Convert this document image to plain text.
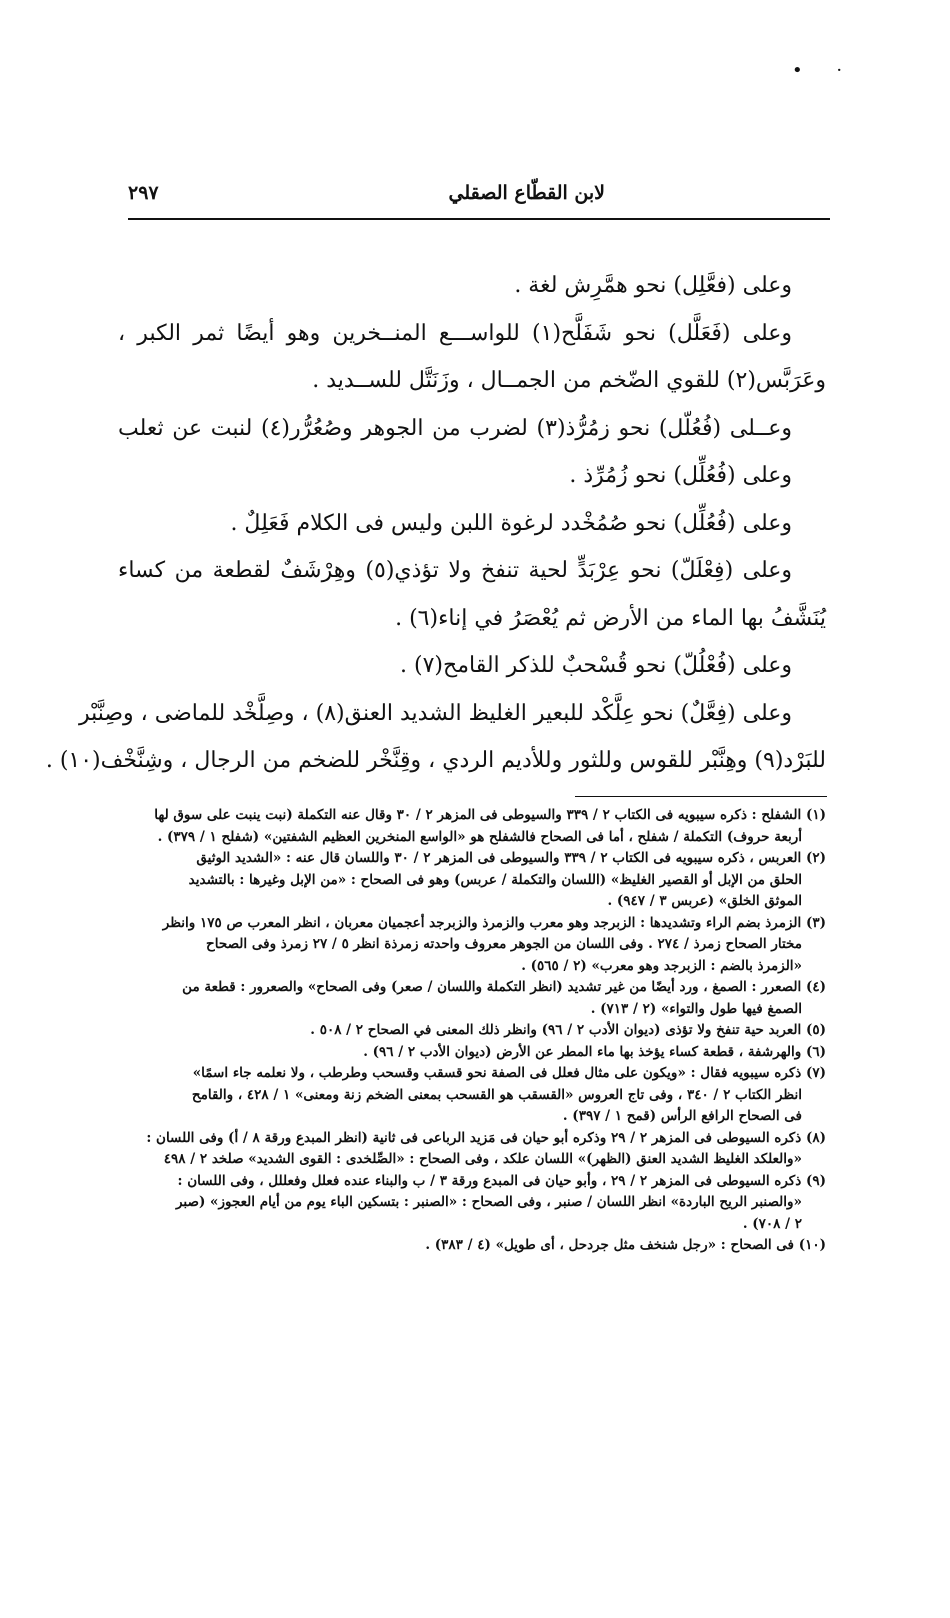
• ·
لابن القطّاع الصقلي
٢٩٧
وعلى (فعَّلِل) نحو همَّرِش لغة .
وعلى (فَعَلَّل) نحو شَفَلَّح(١) للواســـع المنــخرين وهو أيضًا ثمر الكبر ،
وعَرَبَّس(٢) للقوي الضّخم من الجمــال ، وزَنَتَّل للســديد .
وعــلى (فُعُلّل) نحو زمُرُّذ(٣) لضرب من الجوهر وصُعُرُّر(٤) لنبت عن ثعلب
وعلى (فُعُلِّل) نحو زُمُرِّذ .
وعلى (فُعُلِّل) نحو صُمُخْدد لرغوة اللبن وليس فى الكلام فَعَلِلٌ .
وعلى (فِعْلَلّ) نحو عِرْبَدٍّ لحية تنفخ ولا تؤذي(٥) وهِرْشَفٌ لقطعة من كساء
يُنَشَّفُ بها الماء من الأرض ثم يُعْصَرُ في إناء(٦) .
وعلى (فُعْلُلّ) نحو قُسْحبٌ للذكر القامح(٧) .
وعلى (فِعَّلٌ) نحو عِلَّكْد للبعير الغليظ الشديد العنق(٨) ، وصِلَّخْد للماضى ، وصِنَّبْر
للبَرْد(٩) وهِنَّبْر للقوس وللثور وللأديم الردي ، وقِنَّخْر للضخم من الرجال ، وشِنَّخْف(١٠) .
(١) الشفلح : ذكره سيبويه فى الكتاب ٢ / ٣٣٩ والسيوطى فى المزهر ٢ / ٣٠ وقال عنه التكملة (نبت ينبت على سوق لها
أربعة حروف) التكملة / شفلح ، أما فى الصحاح فالشفلح هو «الواسع المنخرين العظيم الشفتين» (شفلح ١ / ٣٧٩) .
(٢) العربس ، ذكره سيبويه فى الكتاب ٢ / ٣٣٩ والسيوطى فى المزهر ٢ / ٣٠ واللسان قال عنه : «الشديد الوثيق
الحلق من الإبل أو القصير الغليظ» (اللسان والتكملة / عربس) وهو فى الصحاح : «من الإبل وغيرها : بالتشديد
الموثق الخلق» (عربس ٣ / ٩٤٧) .
(٣) الزمرذ بضم الراء وتشديدها : الزبرجد وهو معرب والزمرذ والزبرجد أعجميان معربان ، انظر المعرب ص ١٧٥ وانظر
مختار الصحاح زمرذ / ٢٧٤ . وفى اللسان من الجوهر معروف واحدته زمرذة انظر ٥ / ٢٧ زمرذ وفى الصحاح
«الزمرذ بالضم : الزبرجد وهو معرب» (٢ / ٥٦٥) .
(٤) الصعرر : الصمغ ، ورد أيضًا من غير تشديد (انظر التكملة واللسان / صعر) وفى الصحاح» والصعرور : قطعة من
الصمغ فيها طول والتواء» (٢ / ٧١٣) .
(٥) العربد حية تنفخ ولا تؤذى (ديوان الأدب ٢ / ٩٦) وانظر ذلك المعنى في الصحاح ٢ / ٥٠٨ .
(٦) والهرشفة ، قطعة كساء يؤخذ بها ماء المطر عن الأرض (ديوان الأدب ٢ / ٩٦) .
(٧) ذكره سيبويه فقال : «ويكون على مثال فعلل فى الصفة نحو قسقب وقسحب وطرطب ، ولا نعلمه جاء اسمًا»
انظر الكتاب ٢ / ٣٤٠ ، وفى تاج العروس «القسقب هو القسحب بمعنى الضخم زنة ومعنى» ١ / ٤٢٨ ، والقامح
فى الصحاح الرافع الرأس (قمح ١ / ٣٩٧) .
(٨) ذكره السيوطى فى المزهر ٢ / ٢٩ وذكره أبو حيان فى مَزيد الرباعى فى ثانية (انظر المبدع ورقة ٨ / أ) وفى اللسان :
«والعلكد الغليظ الشديد العنق (الظهر)» اللسان علكد ، وفى الصحاح : «الصِّلخدى : القوى الشديد» صلخد ٢ / ٤٩٨
(٩) ذكره السيوطى فى المزهر ٢ / ٢٩ ، وأبو حيان فى المبدع ورقة ٣ / ب والبناء عنده فعلل وفعللل ، وفى اللسان :
«والصنبر الريح الباردة» انظر اللسان / صنبر ، وفى الصحاح : «الصنبر : بتسكين الباء يوم من أيام العجوز» (صبر
٢ / ٧٠٨) .
(١٠) فى الصحاح : «رجل شنخف مثل جردحل ، أى طويل» (٤ / ٣٨٣) .
